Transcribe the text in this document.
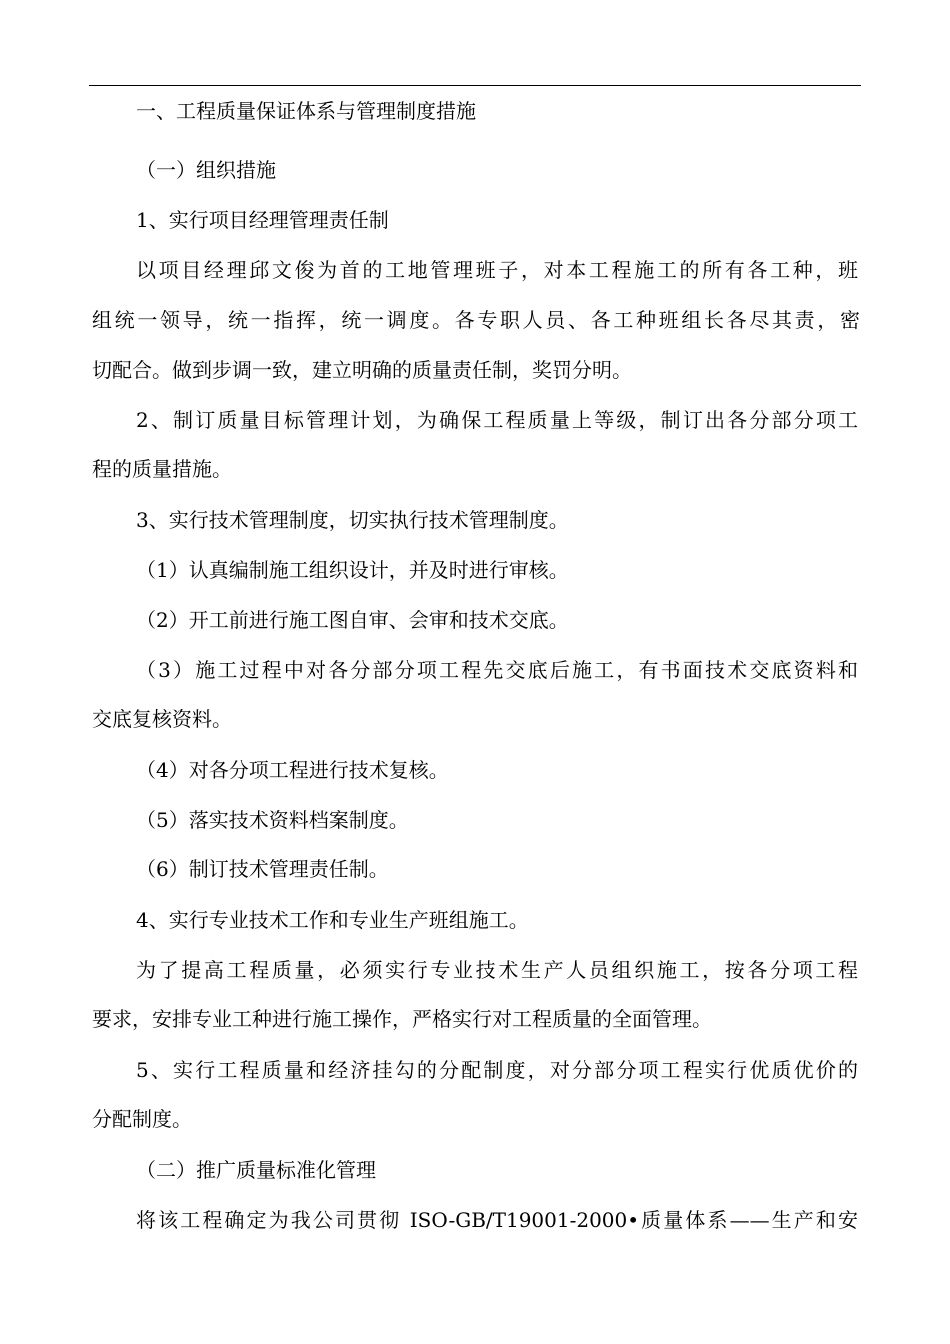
一、工程质量保证体系与管理制度措施
（一）组织措施
1、实行项目经理管理责任制
以项目经理邱文俊为首的工地管理班子，对本工程施工的所有各工种，班
组统一领导，统一指挥，统一调度。各专职人员、各工种班组长各尽其责，密
切配合。做到步调一致，建立明确的质量责任制，奖罚分明。
2、制订质量目标管理计划，为确保工程质量上等级，制订出各分部分项工
程的质量措施。
3、实行技术管理制度，切实执行技术管理制度。
（1）认真编制施工组织设计，并及时进行审核。
（2）开工前进行施工图自审、会审和技术交底。
（3）施工过程中对各分部分项工程先交底后施工，有书面技术交底资料和
交底复核资料。
（4）对各分项工程进行技术复核。
（5）落实技术资料档案制度。
（6）制订技术管理责任制。
4、实行专业技术工作和专业生产班组施工。
为了提高工程质量，必须实行专业技术生产人员组织施工，按各分项工程
要求，安排专业工种进行施工操作，严格实行对工程质量的全面管理。
5、实行工程质量和经济挂勾的分配制度，对分部分项工程实行优质优价的
分配制度。
（二）推广质量标准化管理
将该工程确定为我公司贯彻 ISO-GB/T19001-2000•质量体系——生产和安
